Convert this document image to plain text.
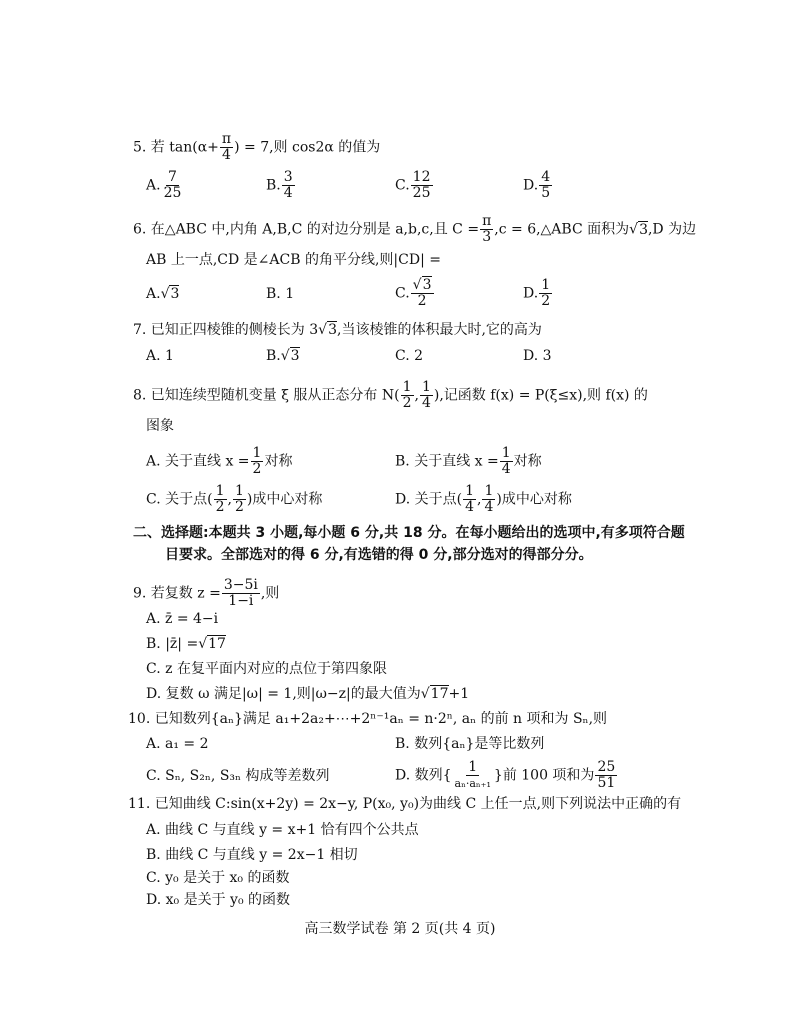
5. 若 $\tan(\alpha+ \frac{\pi}{4}$ ) = 7,则 cos2α 的值为
A. $\frac{7}{25}$	B. $\frac{3}{4}$	C. $\frac{12}{25}$	D. $\frac{4}{5}$
6. 在△ABC 中,内角 A,B,C 的对边分别是 a,b,c,且 $C = \frac{\pi}{3} ,c$ = 6,△ABC 面积为√3,D 为边
AB 上一点,CD 是∠ACB 的角平分线,则|CD| =
A.√3	B. 1	C. $\frac{√3}{2}$	D. $\frac{1}{2}$
7. 已知正四棱锥的侧棱长为 3√3,当该棱锥的体积最大时,它的高为
A. 1	B.√3	C. 2	D. 3
8. 已知连续型随机变量 ξ 服从正态分布 $N( \frac{1}{2}$ , $\frac{1}{4}$ ),记函数 f(x) = P(ξ≤x),则 f(x) 的
图象
A. 关于直线 $x = \frac{1}{2}$ 对称	B. 关于直线 $x = \frac{1}{4}$ 对称
C. 关于点( $\frac{1}{2}$ , $\frac{1}{2}$ )成中心对称	D. 关于点( $\frac{1}{4}$ , $\frac{1}{4}$ )成中心对称
二、选择题:本题共 3 小题,每小题 6 分,共 18 分。在每小题给出的选项中,有多项符合题
目要求。全部选对的得 6 分,有选错的得 0 分,部分选对的得部分分。
9. 若复数 $z = \frac{3-5i}{1-i}$ ,则
A. z̄ = 4−i
B. |z̄| =√17
C. z 在复平面内对应的点位于第四象限
D. 复数 ω 满足|ω| = 1,则|ω−z|的最大值为√17+1
10. 已知数列{aₙ}满足 a₁+2a₂+⋯+2ⁿ⁻¹aₙ = n·2ⁿ, aₙ 的前 n 项和为 Sₙ,则
A. a₁ = 2	B. 数列{aₙ}是等比数列
C. Sₙ, S₂ₙ, S₃ₙ 构成等差数列	D. 数列{ $\frac{1}{\text{aₙ·aₙ₊₁}}$ }前 100 项和为 $\frac{25}{51}$
11. 已知曲线 C:sin(x+2y) = 2x−y, P(x₀, y₀)为曲线 C 上任一点,则下列说法中正确的有
A. 曲线 C 与直线 y = x+1 恰有四个公共点
B. 曲线 C 与直线 y = 2x−1 相切
C. y₀ 是关于 x₀ 的函数
D. x₀ 是关于 y₀ 的函数
高三数学试卷 第 2 页(共 4 页)
